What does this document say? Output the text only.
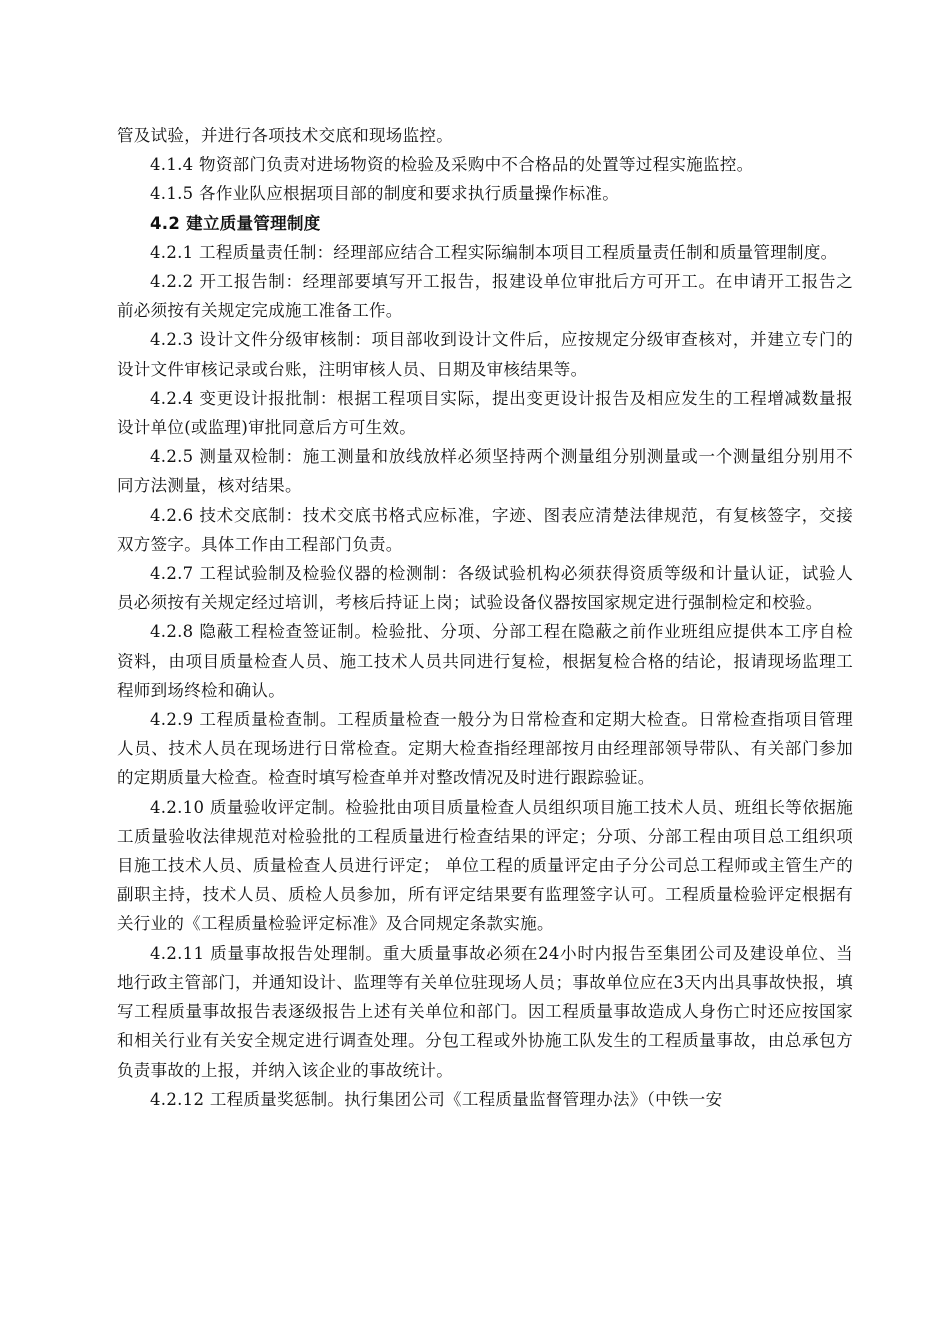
管及试验，并进行各项技术交底和现场监控。

4.1.4 物资部门负责对进场物资的检验及采购中不合格品的处置等过程实施监控。

4.1.5 各作业队应根据项目部的制度和要求执行质量操作标准。

4.2 建立质量管理制度

4.2.1 工程质量责任制：经理部应结合工程实际编制本项目工程质量责任制和质量管理制度。

4.2.2 开工报告制：经理部要填写开工报告，报建设单位审批后方可开工。在申请开工报告之前必须按有关规定完成施工准备工作。

4.2.3 设计文件分级审核制：项目部收到设计文件后，应按规定分级审查核对，并建立专门的设计文件审核记录或台账，注明审核人员、日期及审核结果等。

4.2.4 变更设计报批制：根据工程项目实际，提出变更设计报告及相应发生的工程增减数量报设计单位(或监理)审批同意后方可生效。

4.2.5 测量双检制：施工测量和放线放样必须坚持两个测量组分别测量或一个测量组分别用不同方法测量，核对结果。

4.2.6 技术交底制：技术交底书格式应标准，字迹、图表应清楚法律规范，有复核签字，交接双方签字。具体工作由工程部门负责。

4.2.7 工程试验制及检验仪器的检测制：各级试验机构必须获得资质等级和计量认证，试验人员必须按有关规定经过培训，考核后持证上岗；试验设备仪器按国家规定进行强制检定和校验。

4.2.8 隐蔽工程检查签证制。检验批、分项、分部工程在隐蔽之前作业班组应提供本工序自检资料，由项目质量检查人员、施工技术人员共同进行复检，根据复检合格的结论，报请现场监理工程师到场终检和确认。

4.2.9 工程质量检查制。工程质量检查一般分为日常检查和定期大检查。日常检查指项目管理人员、技术人员在现场进行日常检查。定期大检查指经理部按月由经理部领导带队、有关部门参加的定期质量大检查。检查时填写检查单并对整改情况及时进行跟踪验证。

4.2.10 质量验收评定制。检验批由项目质量检查人员组织项目施工技术人员、班组长等依据施工质量验收法律规范对检验批的工程质量进行检查结果的评定；分项、分部工程由项目总工组织项目施工技术人员、质量检查人员进行评定； 单位工程的质量评定由子分公司总工程师或主管生产的副职主持，技术人员、质检人员参加，所有评定结果要有监理签字认可。工程质量检验评定根据有关行业的《工程质量检验评定标准》及合同规定条款实施。

4.2.11 质量事故报告处理制。重大质量事故必须在24小时内报告至集团公司及建设单位、当地行政主管部门，并通知设计、监理等有关单位驻现场人员；事故单位应在3天内出具事故快报，填写工程质量事故报告表逐级报告上述有关单位和部门。因工程质量事故造成人身伤亡时还应按国家和相关行业有关安全规定进行调查处理。分包工程或外协施工队发生的工程质量事故，由总承包方负责事故的上报，并纳入该企业的事故统计。

4.2.12 工程质量奖惩制。执行集团公司《工程质量监督管理办法》（中铁一安
